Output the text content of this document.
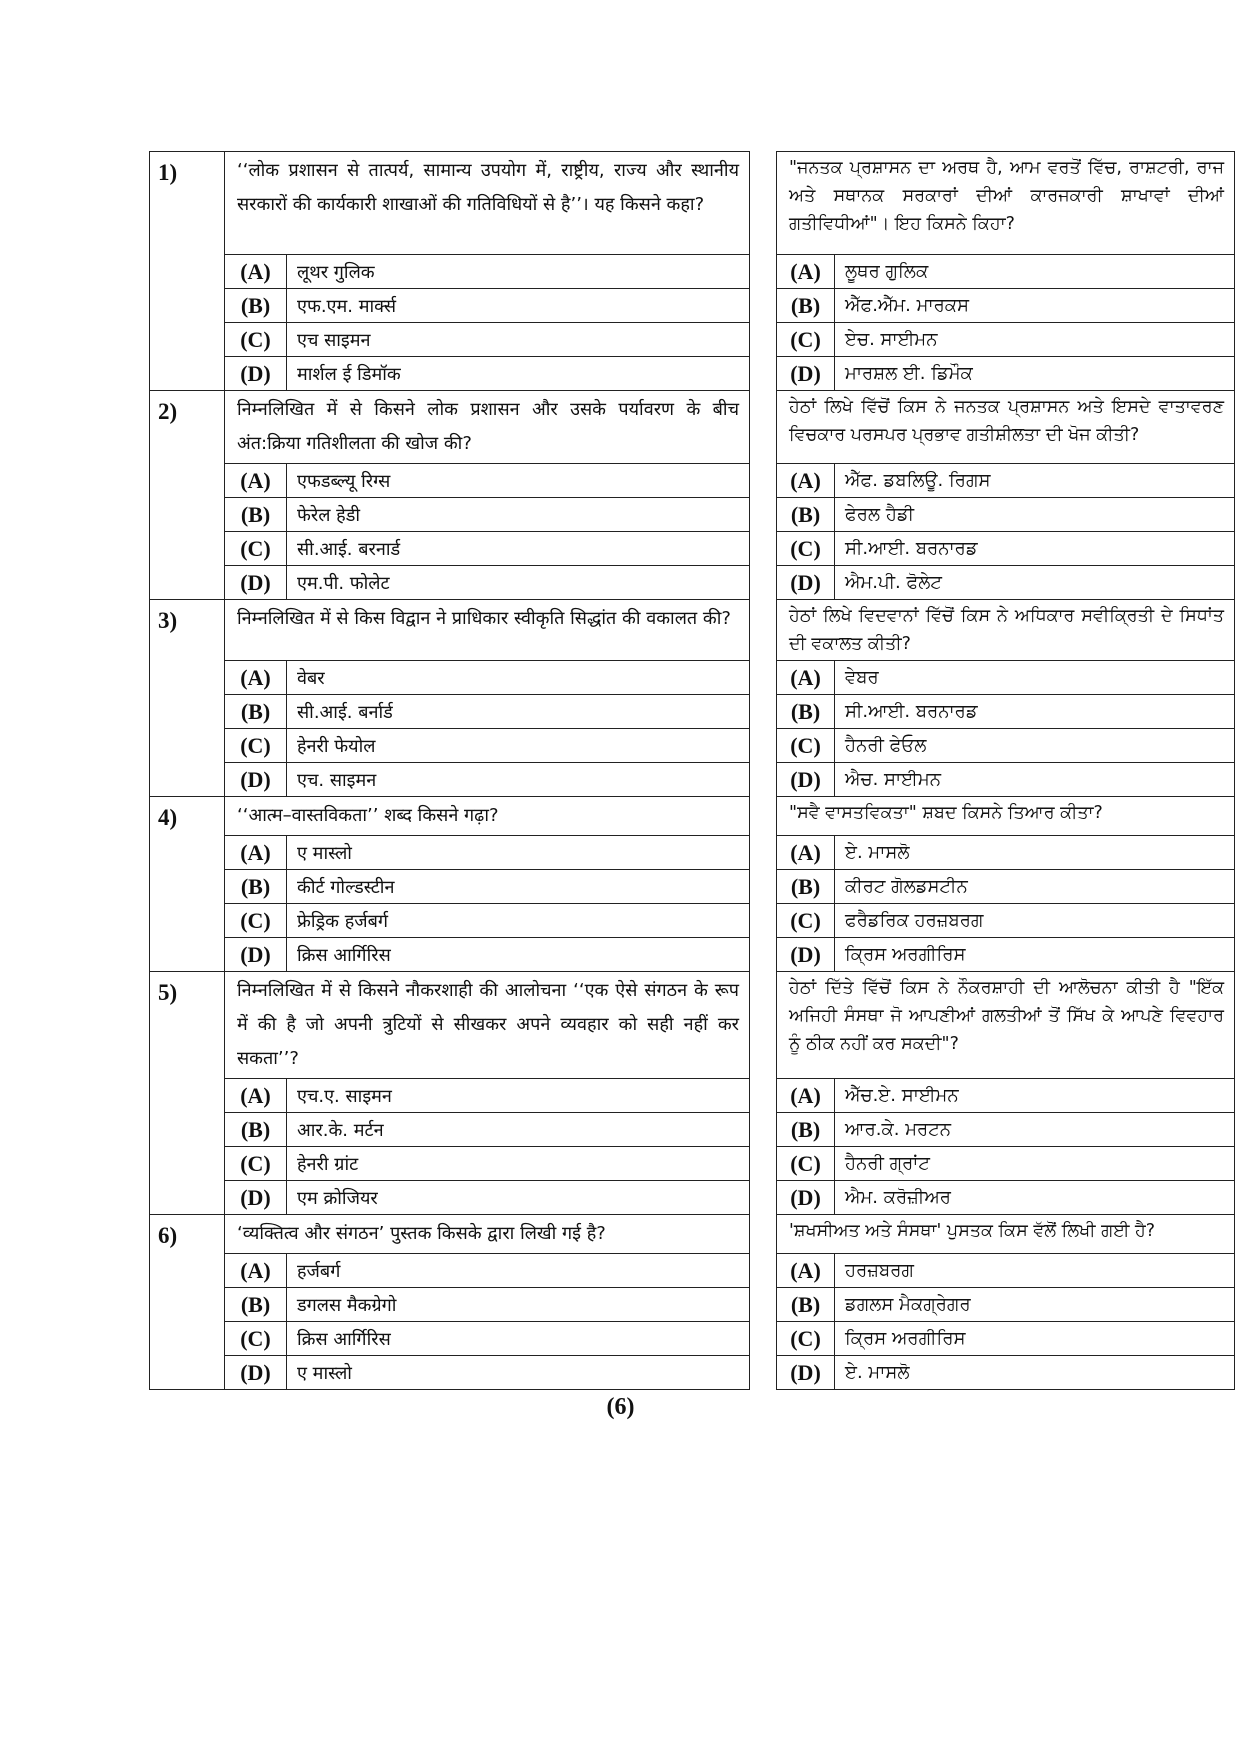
1)	‘‘लोक प्रशासन से तात्पर्य, सामान्य उपयोग में, राष्ट्रीय, राज्य और स्थानीय सरकारों की कार्यकारी शाखाओं की गतिविधियों से है’’। यह किसने कहा?			"ਜਨਤਕ ਪ੍ਰਸ਼ਾਸਨ ਦਾ ਅਰਥ ਹੈ, ਆਮ ਵਰਤੋਂ ਵਿੱਚ, ਰਾਸ਼ਟਰੀ, ਰਾਜ ਅਤੇ ਸਥਾਨਕ ਸਰਕਾਰਾਂ ਦੀਆਂ ਕਾਰਜਕਾਰੀ ਸ਼ਾਖਾਵਾਂ ਦੀਆਂ ਗਤੀਵਿਧੀਆਂ"। ਇਹ ਕਿਸਨੇ ਕਿਹਾ?	
	(A)	लूथर गुलिक		(A)	ਲੂਥਰ ਗੁਲਿਕ
	(B)	एफ.एम. मार्क्स		(B)	ਐੱਫ.ਐੱਮ. ਮਾਰਕਸ
	(C)	एच साइमन		(C)	ਏਚ. ਸਾਈਮਨ
	(D)	मार्शल ई डिमॉक		(D)	ਮਾਰਸ਼ਲ ਈ. ਡਿਮੌਕ
2)	निम्नलिखित में से किसने लोक प्रशासन और उसके पर्यावरण के बीच अंत:क्रिया गतिशीलता की खोज की?			ਹੇਠਾਂ ਲਿਖੇ ਵਿੱਚੋਂ ਕਿਸ ਨੇ ਜਨਤਕ ਪ੍ਰਸ਼ਾਸਨ ਅਤੇ ਇਸਦੇ ਵਾਤਾਵਰਣ ਵਿਚਕਾਰ ਪਰਸਪਰ ਪ੍ਰਭਾਵ ਗਤੀਸ਼ੀਲਤਾ ਦੀ ਖੋਜ ਕੀਤੀ?	
	(A)	एफडब्ल्यू रिग्स		(A)	ਐੱਫ. ਡਬਲਿਊ. ਰਿਗਸ
	(B)	फेरेल हेडी		(B)	ਫੇਰਲ ਹੈਡੀ
	(C)	सी.आई. बरनार्ड		(C)	ਸੀ.ਆਈ. ਬਰਨਾਰਡ
	(D)	एम.पी. फोलेट		(D)	ਐਮ.ਪੀ. ਫੋਲੇਟ
3)	निम्नलिखित में से किस विद्वान ने प्राधिकार स्वीकृति सिद्धांत की वकालत की?			ਹੇਠਾਂ ਲਿਖੇ ਵਿਦਵਾਨਾਂ ਵਿੱਚੋਂ ਕਿਸ ਨੇ ਅਧਿਕਾਰ ਸਵੀਕ੍ਰਿਤੀ ਦੇ ਸਿਧਾਂਤ ਦੀ ਵਕਾਲਤ ਕੀਤੀ?	
	(A)	वेबर		(A)	ਵੇਬਰ
	(B)	सी.आई. बर्नार्ड		(B)	ਸੀ.ਆਈ. ਬਰਨਾਰਡ
	(C)	हेनरी फेयोल		(C)	ਹੈਨਰੀ ਫੇਓਲ
	(D)	एच. साइमन		(D)	ਐਚ. ਸਾਈਮਨ
4)	‘‘आत्म–वास्तविकता’’ शब्द किसने गढ़ा?			"ਸਵੈ ਵਾਸਤਵਿਕਤਾ" ਸ਼ਬਦ ਕਿਸਨੇ ਤਿਆਰ ਕੀਤਾ?	
	(A)	ए मास्लो		(A)	ਏ. ਮਾਸਲੋ
	(B)	कीर्ट गोल्डस्टीन		(B)	ਕੀਰਟ ਗੋਲਡਸਟੀਨ
	(C)	फ्रेड्रिक हर्जबर्ग		(C)	ਫਰੈਡਰਿਕ ਹਰਜ਼ਬਰਗ
	(D)	क्रिस आर्गिरिस		(D)	ਕ੍ਰਿਸ ਅਰਗੀਰਿਸ
5)	निम्नलिखित में से किसने नौकरशाही की आलोचना ‘‘एक ऐसे संगठन के रूप में की है जो अपनी त्रुटियों से सीखकर अपने व्यवहार को सही नहीं कर सकता’’?			ਹੇਠਾਂ ਦਿੱਤੇ ਵਿੱਚੋਂ ਕਿਸ ਨੇ ਨੌਕਰਸ਼ਾਹੀ ਦੀ ਆਲੋਚਨਾ ਕੀਤੀ ਹੈ "ਇੱਕ ਅਜਿਹੀ ਸੰਸਥਾ ਜੋ ਆਪਣੀਆਂ ਗਲਤੀਆਂ ਤੋਂ ਸਿੱਖ ਕੇ ਆਪਣੇ ਵਿਵਹਾਰ ਨੂੰ ਠੀਕ ਨਹੀਂ ਕਰ ਸਕਦੀ"?	
	(A)	एच.ए. साइमन		(A)	ਐੱਚ.ਏ. ਸਾਈਮਨ
	(B)	आर.के. मर्टन		(B)	ਆਰ.ਕੇ. ਮਰਟਨ
	(C)	हेनरी ग्रांट		(C)	ਹੈਨਰੀ ਗ੍ਰਾਂਟ
	(D)	एम क्रोजियर		(D)	ਐਮ. ਕਰੋਜ਼ੀਅਰ
6)	‘व्यक्तित्व और संगठन’ पुस्तक किसके द्वारा लिखी गई है?			'ਸ਼ਖਸੀਅਤ ਅਤੇ ਸੰਸਥਾ' ਪੁਸਤਕ ਕਿਸ ਵੱਲੋਂ ਲਿਖੀ ਗਈ ਹੈ?	
	(A)	हर्जबर्ग		(A)	ਹਰਜ਼ਬਰਗ
	(B)	डगलस मैकग्रेगो		(B)	ਡਗਲਸ ਮੈਕਗ੍ਰੇਗਰ
	(C)	क्रिस आर्गिरिस		(C)	ਕ੍ਰਿਸ ਅਰਗੀਰਿਸ
	(D)	ए मास्लो		(D)	ਏ. ਮਾਸਲੋ
(6)
